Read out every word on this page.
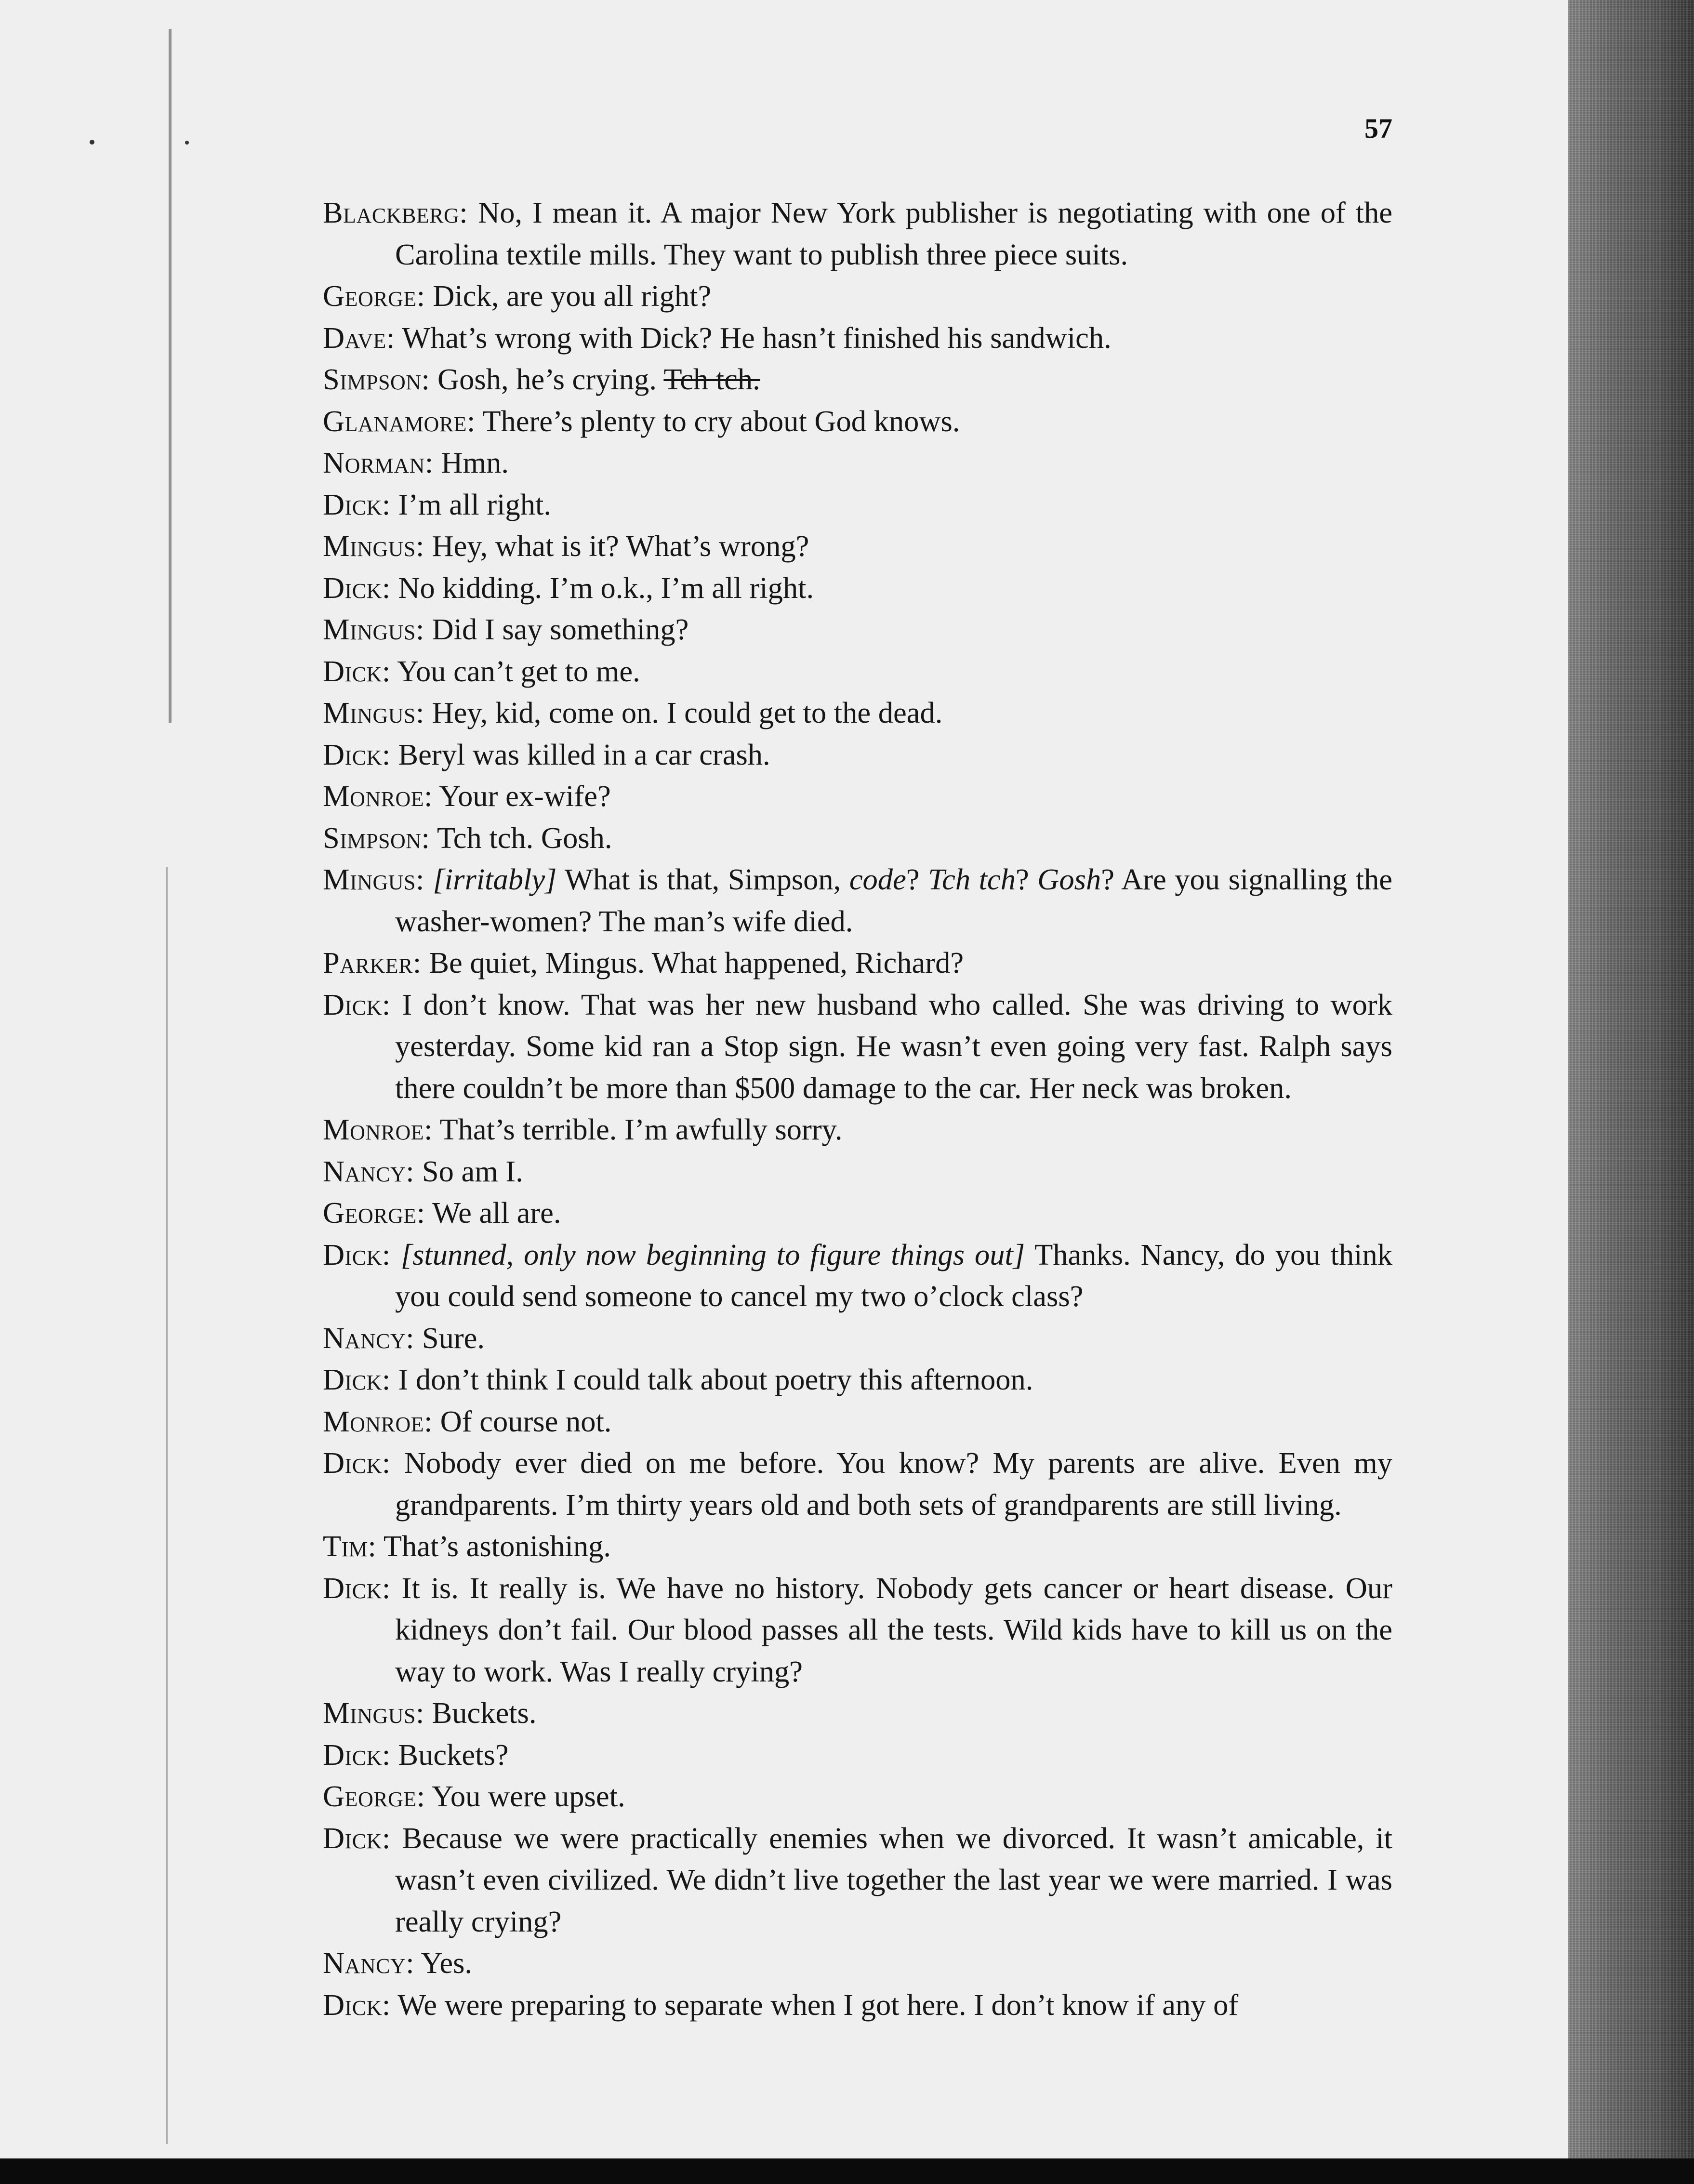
57
Blackberg: No, I mean it. A major New York publisher is negotiating with one of the Carolina textile mills. They want to publish three piece suits.
George: Dick, are you all right?
Dave: What’s wrong with Dick? He hasn’t finished his sandwich.
Simpson: Gosh, he’s crying. Tch tch.
Glanamore: There’s plenty to cry about God knows.
Norman: Hmn.
Dick: I’m all right.
Mingus: Hey, what is it? What’s wrong?
Dick: No kidding. I’m o.k., I’m all right.
Mingus: Did I say something?
Dick: You can’t get to me.
Mingus: Hey, kid, come on. I could get to the dead.
Dick: Beryl was killed in a car crash.
Monroe: Your ex-wife?
Simpson: Tch tch. Gosh.
Mingus: [irritably] What is that, Simpson, code? Tch tch? Gosh? Are you signalling the washer-women? The man’s wife died.
Parker: Be quiet, Mingus. What happened, Richard?
Dick: I don’t know. That was her new husband who called. She was driving to work yesterday. Some kid ran a Stop sign. He wasn’t even going very fast. Ralph says there couldn’t be more than $500 damage to the car. Her neck was broken.
Monroe: That’s terrible. I’m awfully sorry.
Nancy: So am I.
George: We all are.
Dick: [stunned, only now beginning to figure things out] Thanks. Nancy, do you think you could send someone to cancel my two o’clock class?
Nancy: Sure.
Dick: I don’t think I could talk about poetry this afternoon.
Monroe: Of course not.
Dick: Nobody ever died on me before. You know? My parents are alive. Even my grandparents. I’m thirty years old and both sets of grandparents are still living.
Tim: That’s astonishing.
Dick: It is. It really is. We have no history. Nobody gets cancer or heart disease. Our kidneys don’t fail. Our blood passes all the tests. Wild kids have to kill us on the way to work. Was I really crying?
Mingus: Buckets.
Dick: Buckets?
George: You were upset.
Dick: Because we were practically enemies when we divorced. It wasn’t amicable, it wasn’t even civilized. We didn’t live together the last year we were married. I was really crying?
Nancy: Yes.
Dick: We were preparing to separate when I got here. I don’t know if any of
